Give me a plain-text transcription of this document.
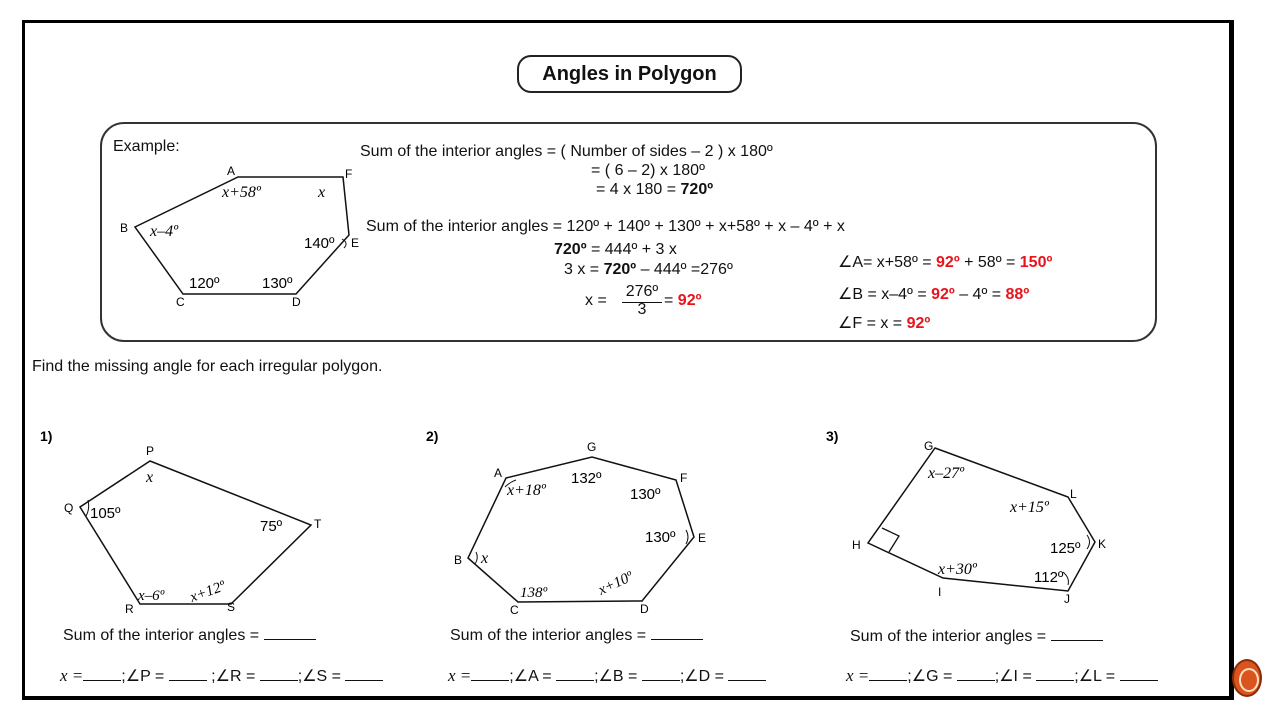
Angles in Polygon
Example:
A
B
C	D
E
F
x+58º	x
x–4º
140º
120º	130º
Sum of the interior angles = ( Number of sides – 2 ) x 180º
= ( 6 – 2) x 180º
= 4 x 180 = 720º
Sum of the interior angles = 120º + 140º + 130º + x+58º + x – 4º + x
720º = 444º + 3 x
3 x = 720º – 444º =276º
x =
276º
3
= 92º
∠A= x+58º = 92º + 58º = 150º
∠B = x–4º = 92º – 4º = 88º
∠F = x = 92º
Find the missing angle for each irregular polygon.
1)
P
Q
R	S
T
x
105º
75º
x–6º x+12º
2)
G
A	F
E
D
C
B
x+18º
132º
130º
130º
x+10º
138º
x
3)
G
L
K
J
I
H
x–27º
x+15º
125º
112º
x+30º
Sum of the interior angles =
x = ;∠P =	;∠R =	;∠S =
Sum of the interior angles =
x = ;∠A =	;∠B =	;∠D =
Sum of the interior angles =
x = ;∠G =	;∠I =	;∠L =
